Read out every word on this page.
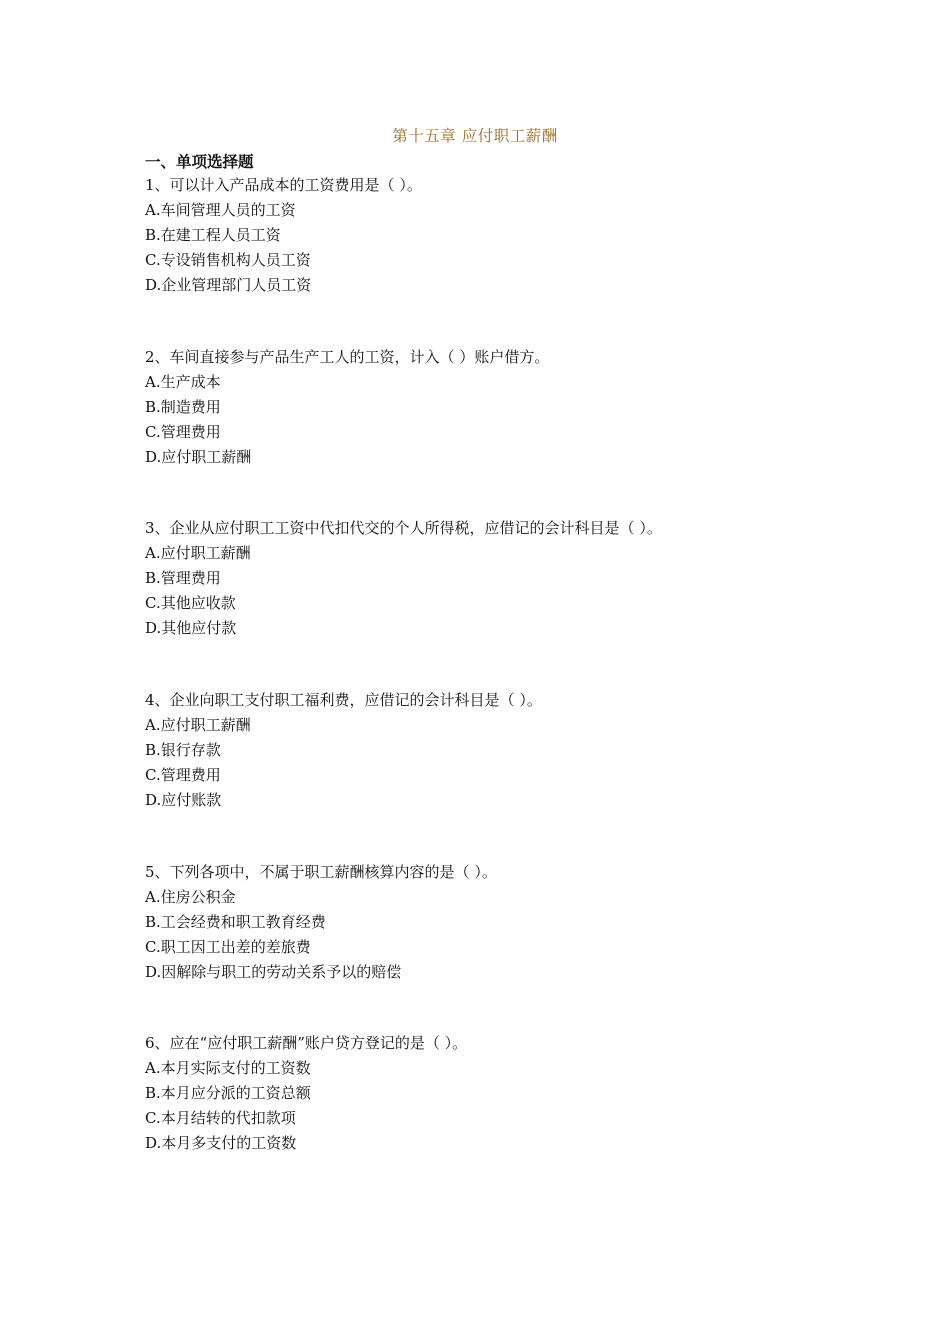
第十五章 应付职工薪酬
一、单项选择题
1、可以计入产品成本的工资费用是（ ）。
A.车间管理人员的工资
B.在建工程人员工资
C.专设销售机构人员工资
D.企业管理部门人员工资
2、车间直接参与产品生产工人的工资，计入（ ）账户借方。
A.生产成本
B.制造费用
C.管理费用
D.应付职工薪酬
3、企业从应付职工工资中代扣代交的个人所得税，应借记的会计科目是（ ）。
A.应付职工薪酬
B.管理费用
C.其他应收款
D.其他应付款
4、企业向职工支付职工福利费，应借记的会计科目是（ ）。
A.应付职工薪酬
B.银行存款
C.管理费用
D.应付账款
5、下列各项中，不属于职工薪酬核算内容的是（ ）。
A.住房公积金
B.工会经费和职工教育经费
C.职工因工出差的差旅费
D.因解除与职工的劳动关系予以的赔偿
6、应在“应付职工薪酬”账户贷方登记的是（ ）。
A.本月实际支付的工资数
B.本月应分派的工资总额
C.本月结转的代扣款项
D.本月多支付的工资数
